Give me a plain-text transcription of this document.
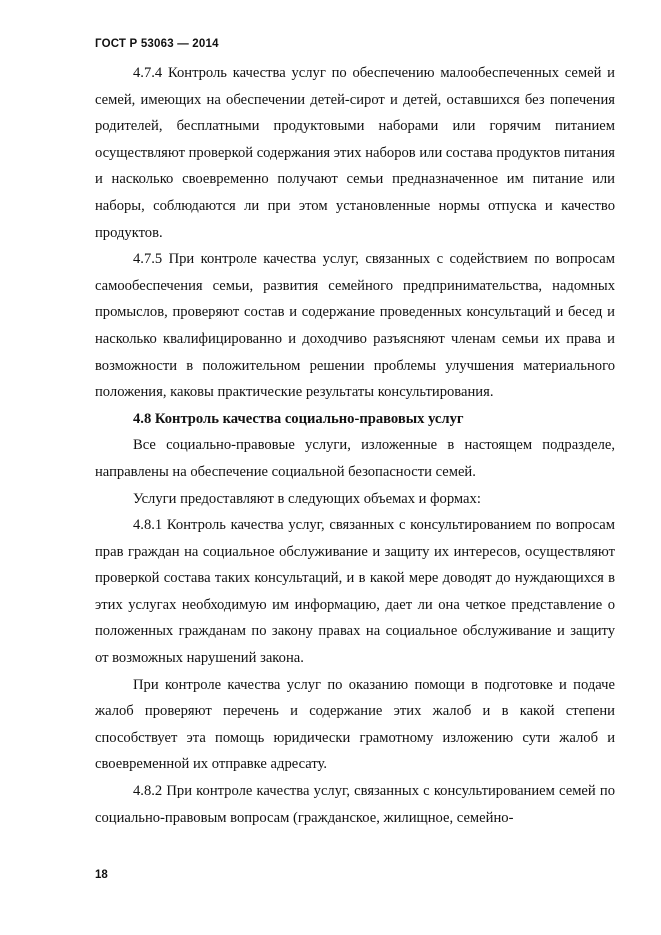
ГОСТ Р 53063 — 2014

4.7.4 Контроль качества услуг по обеспечению малообеспеченных семей и семей, имеющих на обеспечении детей-сирот и детей, оставшихся без попечения родителей, бесплатными продуктовыми наборами или горячим питанием осуществляют проверкой содержания этих наборов или состава продуктов питания и насколько своевременно получают семьи предназначенное им питание или наборы, соблюдаются ли при этом установленные нормы отпуска и качество продуктов.

4.7.5 При контроле качества услуг, связанных с содействием по вопросам самообеспечения семьи, развития семейного предпринимательства, надомных промыслов, проверяют состав и содержание проведенных консультаций и бесед и насколько квалифицированно и доходчиво разъясняют членам семьи их права и возможности в положительном решении проблемы улучшения материального положения, каковы практические результаты консультирования.

4.8 Контроль качества социально-правовых услуг

Все социально-правовые услуги, изложенные в настоящем подразделе, направлены на обеспечение социальной безопасности семей.

Услуги предоставляют в следующих объемах и формах:

4.8.1 Контроль качества услуг, связанных с консультированием по вопросам прав граждан на социальное обслуживание и защиту их интересов, осуществляют проверкой состава таких консультаций, и в какой мере доводят до нуждающихся в этих услугах необходимую им информацию, дает ли она четкое представление о положенных гражданам по закону правах на социальное обслуживание и защиту от возможных нарушений закона.

При контроле качества услуг по оказанию помощи в подготовке и подаче жалоб проверяют перечень и содержание этих жалоб и в какой степени способствует эта помощь юридически грамотному изложению сути жалоб и своевременной их отправке адресату.

4.8.2 При контроле качества услуг, связанных с консультированием семей по социально-правовым вопросам (гражданское, жилищное, семейно-

18
